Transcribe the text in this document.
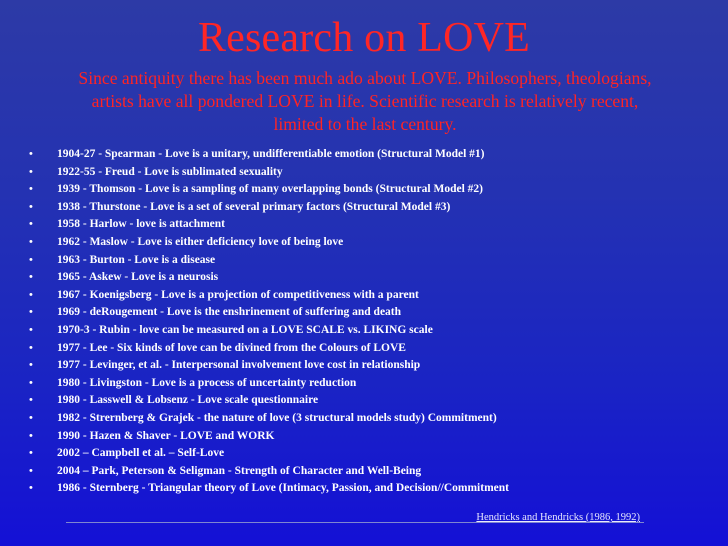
Research on LOVE
Since antiquity there has been much ado about LOVE. Philosophers, theologians, artists have all pondered LOVE in life. Scientific research is relatively recent, limited to the last century.
• 1904-27 - Spearman - Love is a unitary, undifferentiable emotion (Structural Model #1)
• 1922-55 - Freud - Love is sublimated sexuality
• 1939 - Thomson - Love is a sampling of many overlapping bonds (Structural Model #2)
• 1938 - Thurstone - Love is a set of several primary factors (Structural Model #3)
• 1958 - Harlow - love is attachment
• 1962 - Maslow - Love is either deficiency love of being love
• 1963 - Burton - Love is a disease
• 1965 - Askew - Love is a neurosis
• 1967 - Koenigsberg - Love is a projection of competitiveness with a parent
• 1969 - deRougement - Love is the enshrinement of suffering and death
• 1970-3 - Rubin - love can be measured on a LOVE SCALE vs. LIKING scale
• 1977 - Lee - Six kinds of love can be divined from the Colours of LOVE
• 1977 - Levinger, et al. - Interpersonal involvement love cost in relationship
• 1980 - Livingston - Love is a process of uncertainty reduction
• 1980 - Lasswell & Lobsenz - Love scale questionnaire
• 1982 - Strernberg & Grajek - the nature of love (3 structural models study) Commitment)
• 1990 - Hazen & Shaver - LOVE and WORK
• 2002 – Campbell et al. – Self-Love
• 2004 – Park, Peterson & Seligman - Strength of Character and Well-Being
• 1986 - Sternberg - Triangular theory of Love (Intimacy, Passion, and Decision//Commitment
Hendricks and Hendricks (1986, 1992)
